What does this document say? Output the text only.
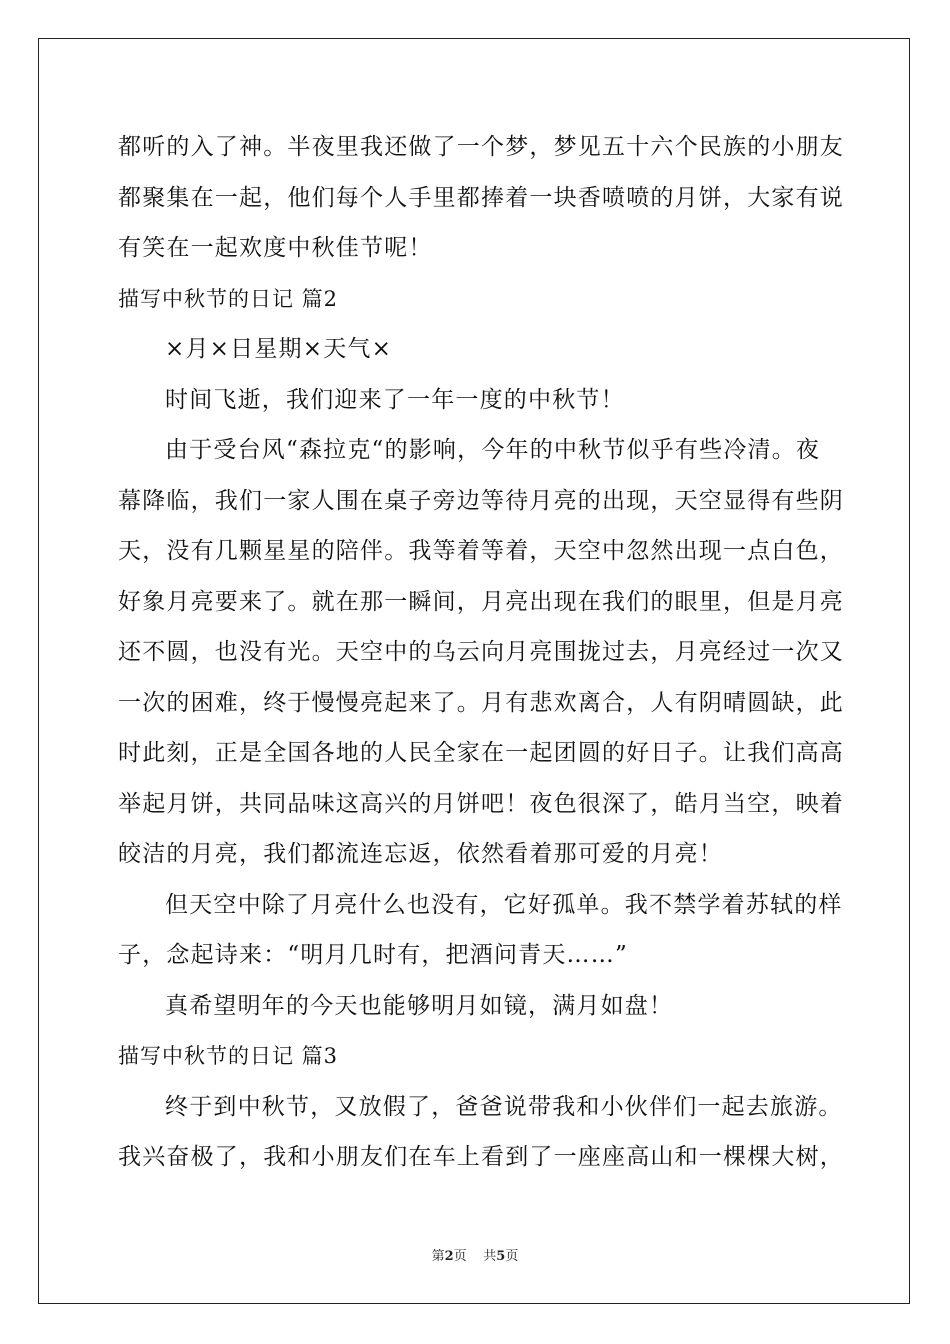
都听的入了神。半夜里我还做了一个梦，梦见五十六个民族的小朋友
都聚集在一起，他们每个人手里都捧着一块香喷喷的月饼，大家有说
有笑在一起欢度中秋佳节呢！
描写中秋节的日记 篇2
×月×日星期×天气×
时间飞逝，我们迎来了一年一度的中秋节！
由于受台风“森拉克“的影响，今年的中秋节似乎有些冷清。夜
幕降临，我们一家人围在桌子旁边等待月亮的出现，天空显得有些阴
天，没有几颗星星的陪伴。我等着等着，天空中忽然出现一点白色，
好象月亮要来了。就在那一瞬间，月亮出现在我们的眼里，但是月亮
还不圆，也没有光。天空中的乌云向月亮围拢过去，月亮经过一次又
一次的困难，终于慢慢亮起来了。月有悲欢离合，人有阴晴圆缺，此
时此刻，正是全国各地的人民全家在一起团圆的好日子。让我们高高
举起月饼，共同品味这高兴的月饼吧！夜色很深了，皓月当空，映着
皎洁的月亮，我们都流连忘返，依然看着那可爱的月亮！
但天空中除了月亮什么也没有，它好孤单。我不禁学着苏轼的样
子，念起诗来：“明月几时有，把酒问青天……”
真希望明年的今天也能够明月如镜，满月如盘！
描写中秋节的日记 篇3
终于到中秋节，又放假了，爸爸说带我和小伙伴们一起去旅游。
我兴奋极了，我和小朋友们在车上看到了一座座高山和一棵棵大树，
第2页 共5页
